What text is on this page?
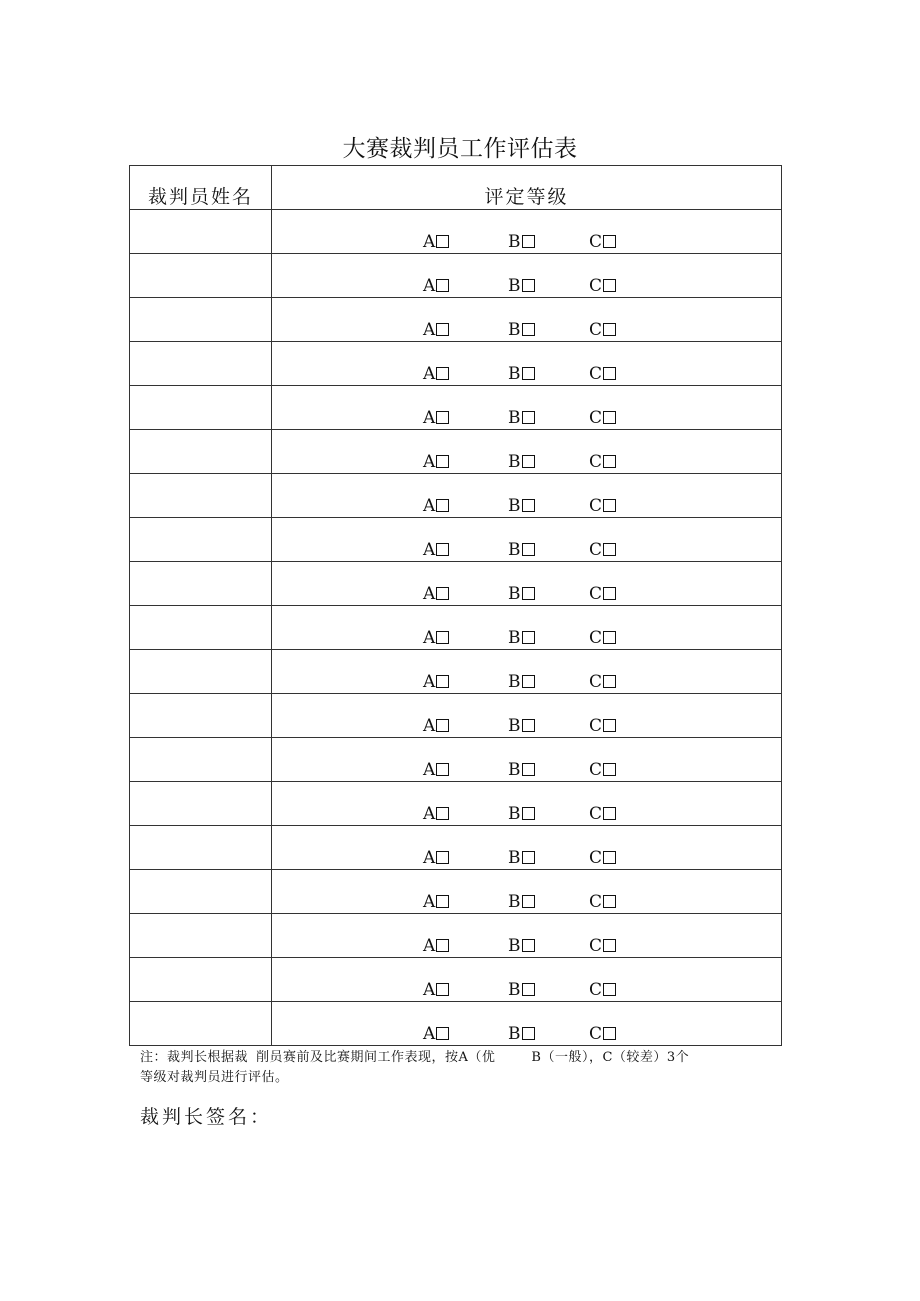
大赛裁判员工作评估表
裁判员姓名	评定等级

	A B C

	A B C

	A B C

	A B C

	A B C

	A B C

	A B C

	A B C

	A B C

	A B C

	A B C

	A B C

	A B C

	A B C

	A B C

	A B C

	A B C

	A B C

	A B C
注：裁判长根据裁 削员赛前及比赛期间工作表现，按A（优	B（一般），C（较差）3个
等级对裁判员进行评估。
裁判长签名：
